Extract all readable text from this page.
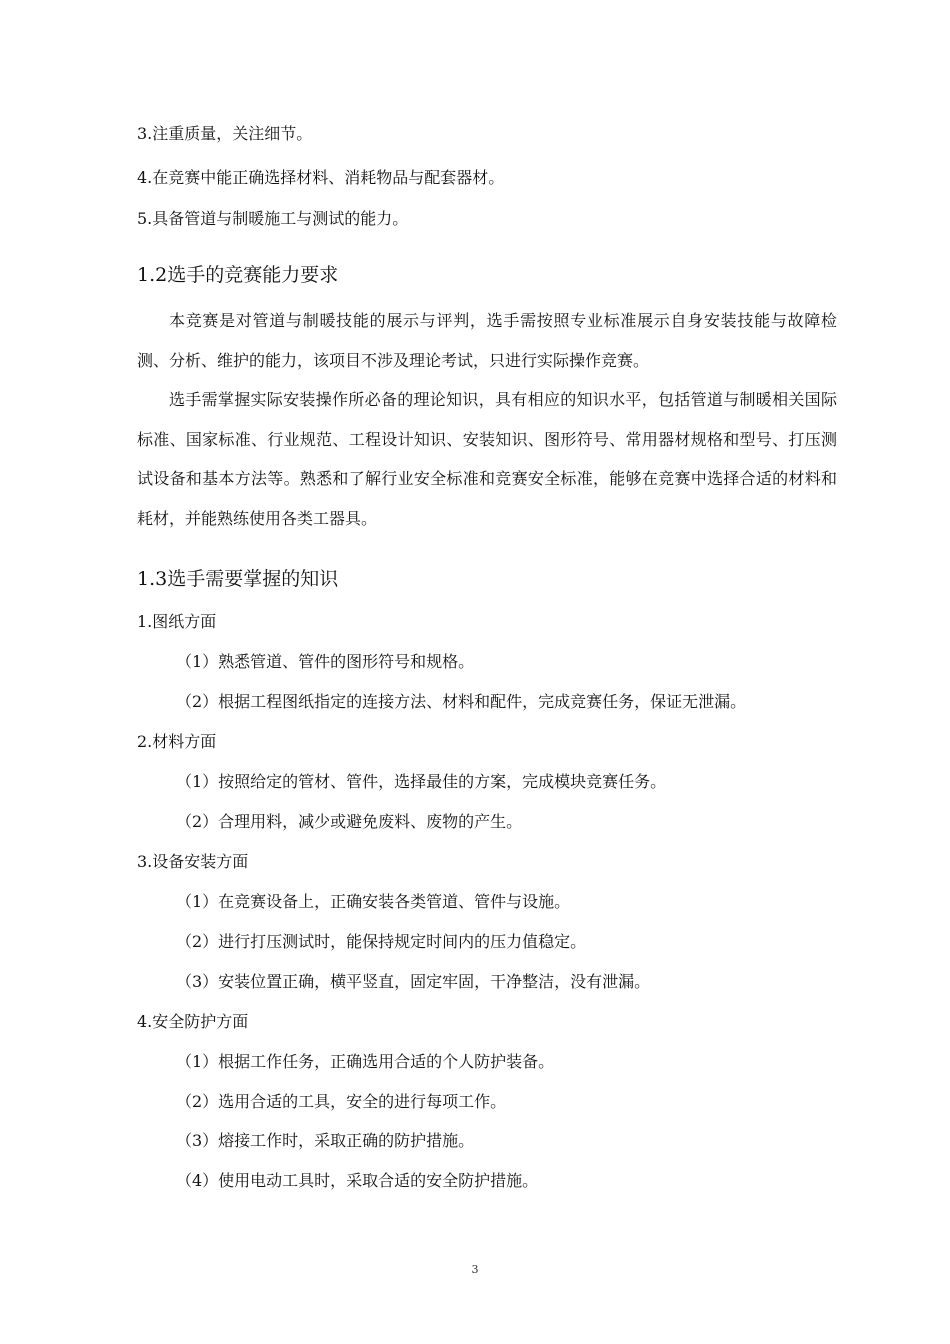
3.注重质量，关注细节。
4.在竞赛中能正确选择材料、消耗物品与配套器材。
5.具备管道与制暖施工与测试的能力。
1.2选手的竞赛能力要求
本竞赛是对管道与制暖技能的展示与评判，选手需按照专业标准展示自身安装技能与故障检测、分析、维护的能力，该项目不涉及理论考试，只进行实际操作竞赛。
选手需掌握实际安装操作所必备的理论知识，具有相应的知识水平，包括管道与制暖相关国际标准、国家标准、行业规范、工程设计知识、安装知识、图形符号、常用器材规格和型号、打压测试设备和基本方法等。熟悉和了解行业安全标准和竞赛安全标准，能够在竞赛中选择合适的材料和耗材，并能熟练使用各类工器具。
1.3选手需要掌握的知识
1.图纸方面
（1）熟悉管道、管件的图形符号和规格。
（2）根据工程图纸指定的连接方法、材料和配件，完成竞赛任务，保证无泄漏。
2.材料方面
（1）按照给定的管材、管件，选择最佳的方案，完成模块竞赛任务。
（2）合理用料，减少或避免废料、废物的产生。
3.设备安装方面
（1）在竞赛设备上，正确安装各类管道、管件与设施。
（2）进行打压测试时，能保持规定时间内的压力值稳定。
（3）安装位置正确，横平竖直，固定牢固，干净整洁，没有泄漏。
4.安全防护方面
（1）根据工作任务，正确选用合适的个人防护装备。
（2）选用合适的工具，安全的进行每项工作。
（3）熔接工作时，采取正确的防护措施。
（4）使用电动工具时，采取合适的安全防护措施。
3
